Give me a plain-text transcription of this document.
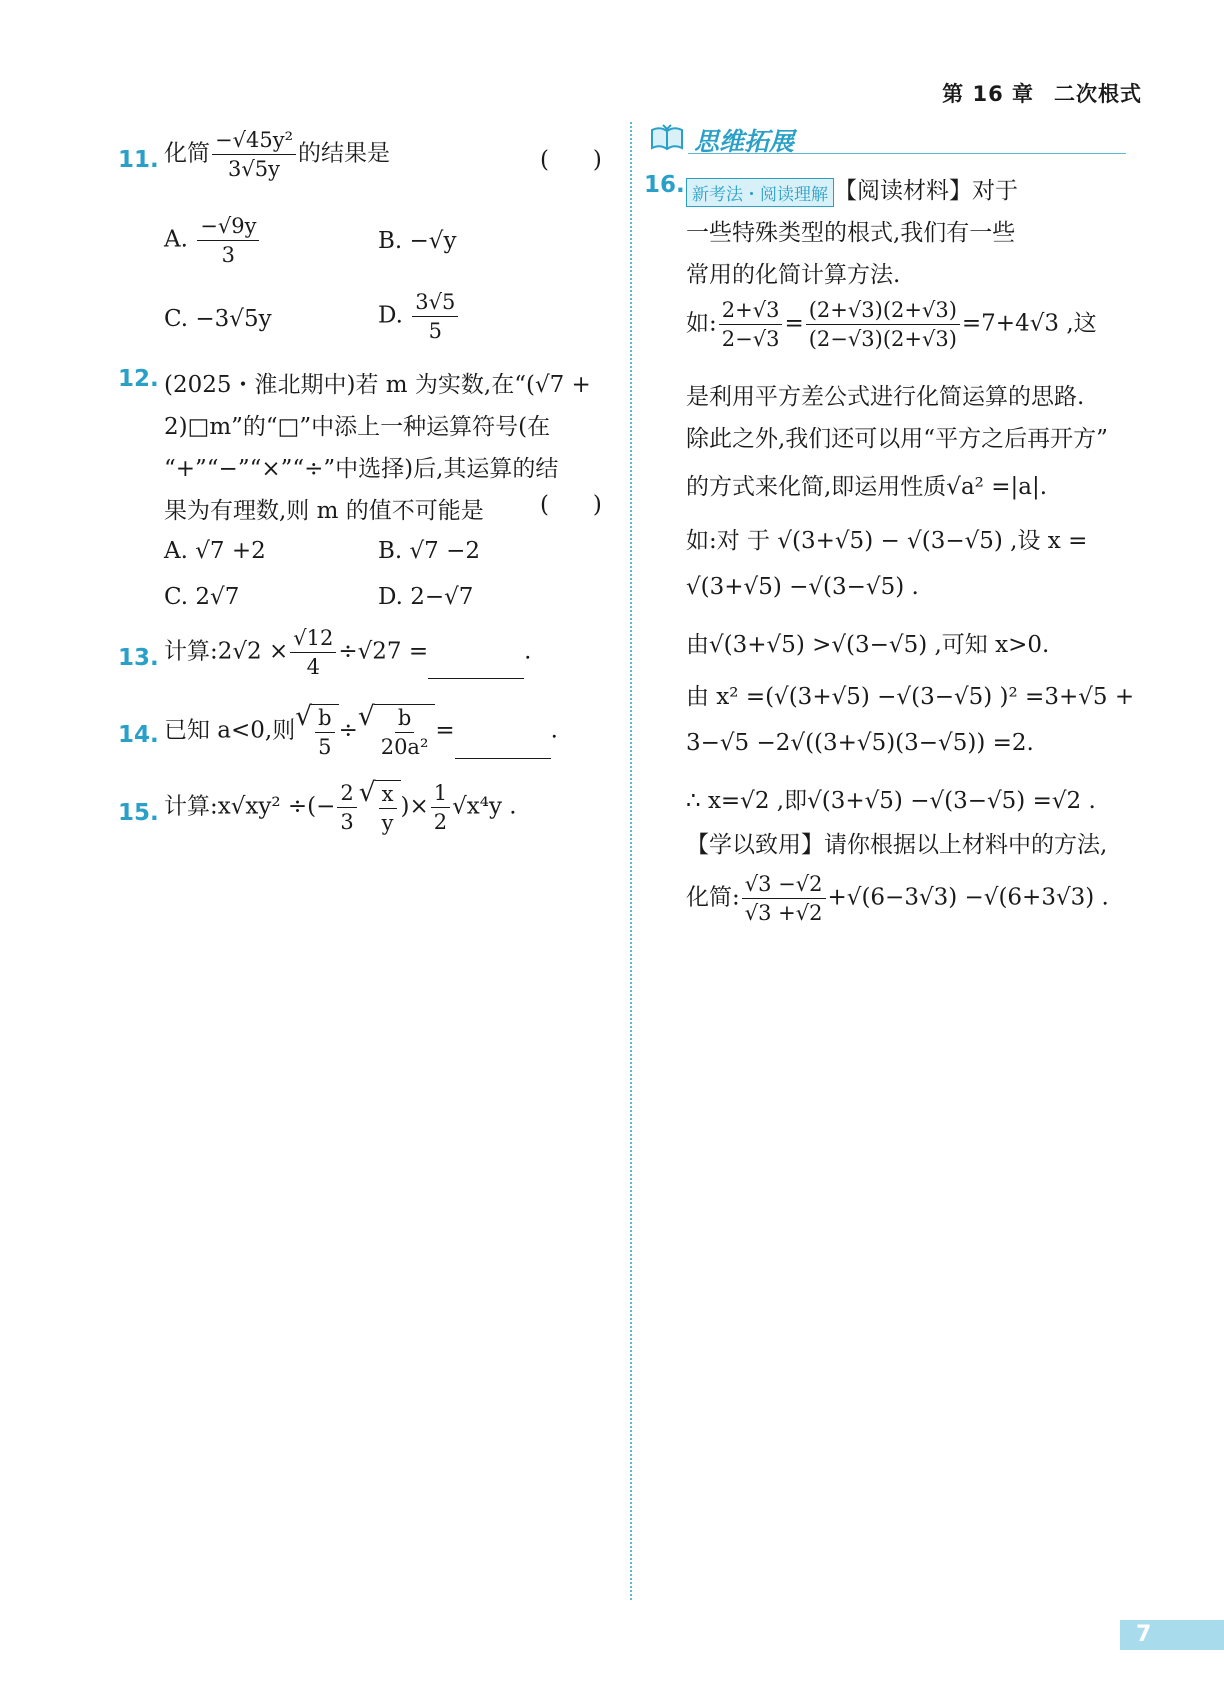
第 16 章 二次根式
11. 化简 $\frac{\text{−√45y²}}{3√5y}$ 的结果是	(      )
A. $\frac{-√9y}{3}$	B. −√y
C. −3√5y	D. $\frac{3√5}{5}$
12. (2025・淮北期中)若 m 为实数,在“(√7 +
2)□m”的“□”中添上一种运算符号(在
“+”“−”“×”“÷”中选择)后,其运算的结
果为有理数,则 m 的值不可能是 (      )
A. √7 +2	B. √7 −2
C. 2√7	D. 2−√7
13. 计算:2√2 × $\frac{√12}{4} \div√27$ =	.
14. 已知 a<0,则 √ $\frac{b}{5}$ ÷ √ $\frac{b}{\text{20a²}}$ =	.
15. 计算:x√xy² ÷(− $\frac{2}{3}$ √ $\frac{x}{y}$ )× $\frac{1}{2} √x^4y$ .
思维拓展
16. 新考法・阅读理解 【阅读材料】对于
一些特殊类型的根式,我们有一些
常用的化简计算方法.
如: $\frac{2+√3}{2-√3} = \frac{(2+√3)(2+√3)}{(2-√3)(2+√3)} =7+4√3$ ,这
是利用平方差公式进行化简运算的思路.
除此之外,我们还可以用“平方之后再开方”
的方式来化简,即运用性质√a² =|a|.
如:对 于 √(3+√5) − √(3−√5) ,设 x =
√(3+√5) −√(3−√5) .
由√(3+√5) >√(3−√5) ,可知 x>0.
由 x² =(√(3+√5) −√(3−√5) )² =3+√5 +
3−√5 −2√((3+√5)(3−√5)) =2.
∴ x=√2 ,即√(3+√5) −√(3−√5) =√2 .
【学以致用】请你根据以上材料中的方法,
化简: $\frac{√3 -√2}{√3 +√2} +√(6-3√3) -√(6+3√3)$ .
7
